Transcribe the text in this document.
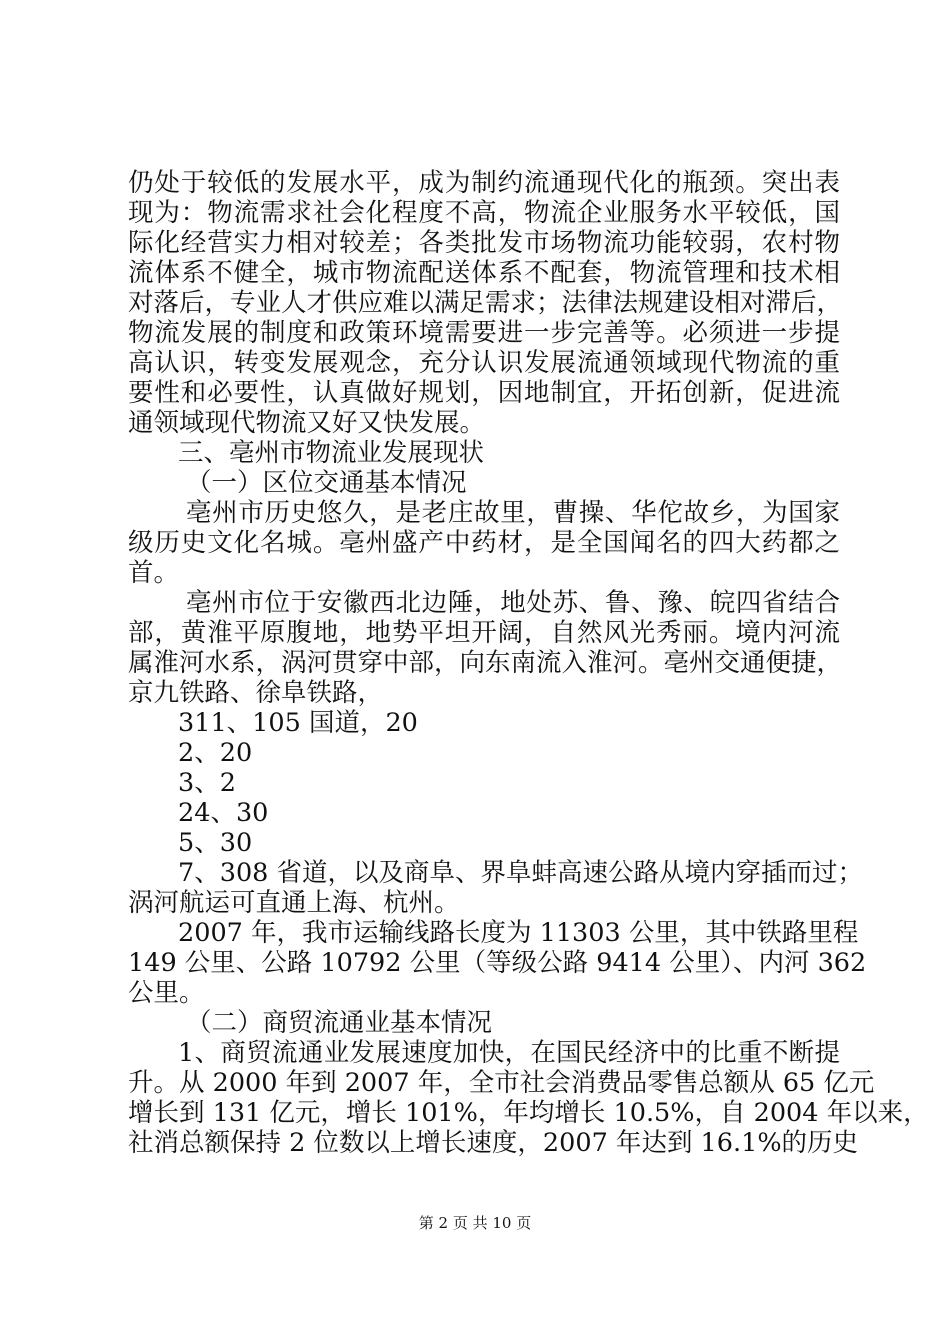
仍处于较低的发展水平，成为制约流通现代化的瓶颈。突出表
现为：物流需求社会化程度不高，物流企业服务水平较低，国
际化经营实力相对较差；各类批发市场物流功能较弱，农村物
流体系不健全，城市物流配送体系不配套，物流管理和技术相
对落后，专业人才供应难以满足需求；法律法规建设相对滞后，
物流发展的制度和政策环境需要进一步完善等。必须进一步提
高认识，转变发展观念，充分认识发展流通领域现代物流的重
要性和必要性，认真做好规划，因地制宜，开拓创新，促进流
通领域现代物流又好又快发展。
三、亳州市物流业发展现状
（一）区位交通基本情况
亳州市历史悠久，是老庄故里，曹操、华佗故乡，为国家
级历史文化名城。亳州盛产中药材，是全国闻名的四大药都之
首。
亳州市位于安徽西北边陲，地处苏、鲁、豫、皖四省结合
部，黄淮平原腹地，地势平坦开阔，自然风光秀丽。境内河流
属淮河水系，涡河贯穿中部，向东南流入淮河。亳州交通便捷，
京九铁路、徐阜铁路，
311、105 国道，20
2、20
3、2
24、30
5、30
7、308 省道，以及商阜、界阜蚌高速公路从境内穿插而过；
涡河航运可直通上海、杭州。
2007 年，我市运输线路长度为 11303 公里，其中铁路里程
149 公里、公路 10792 公里（等级公路 9414 公里）、内河 362
公里。
（二）商贸流通业基本情况
1、商贸流通业发展速度加快，在国民经济中的比重不断提
升。从 2000 年到 2007 年，全市社会消费品零售总额从 65 亿元
增长到 131 亿元，增长 101%，年均增长 10.5%，自 2004 年以来，
社消总额保持 2 位数以上增长速度，2007 年达到 16.1%的历史
第 2 页 共 10 页
